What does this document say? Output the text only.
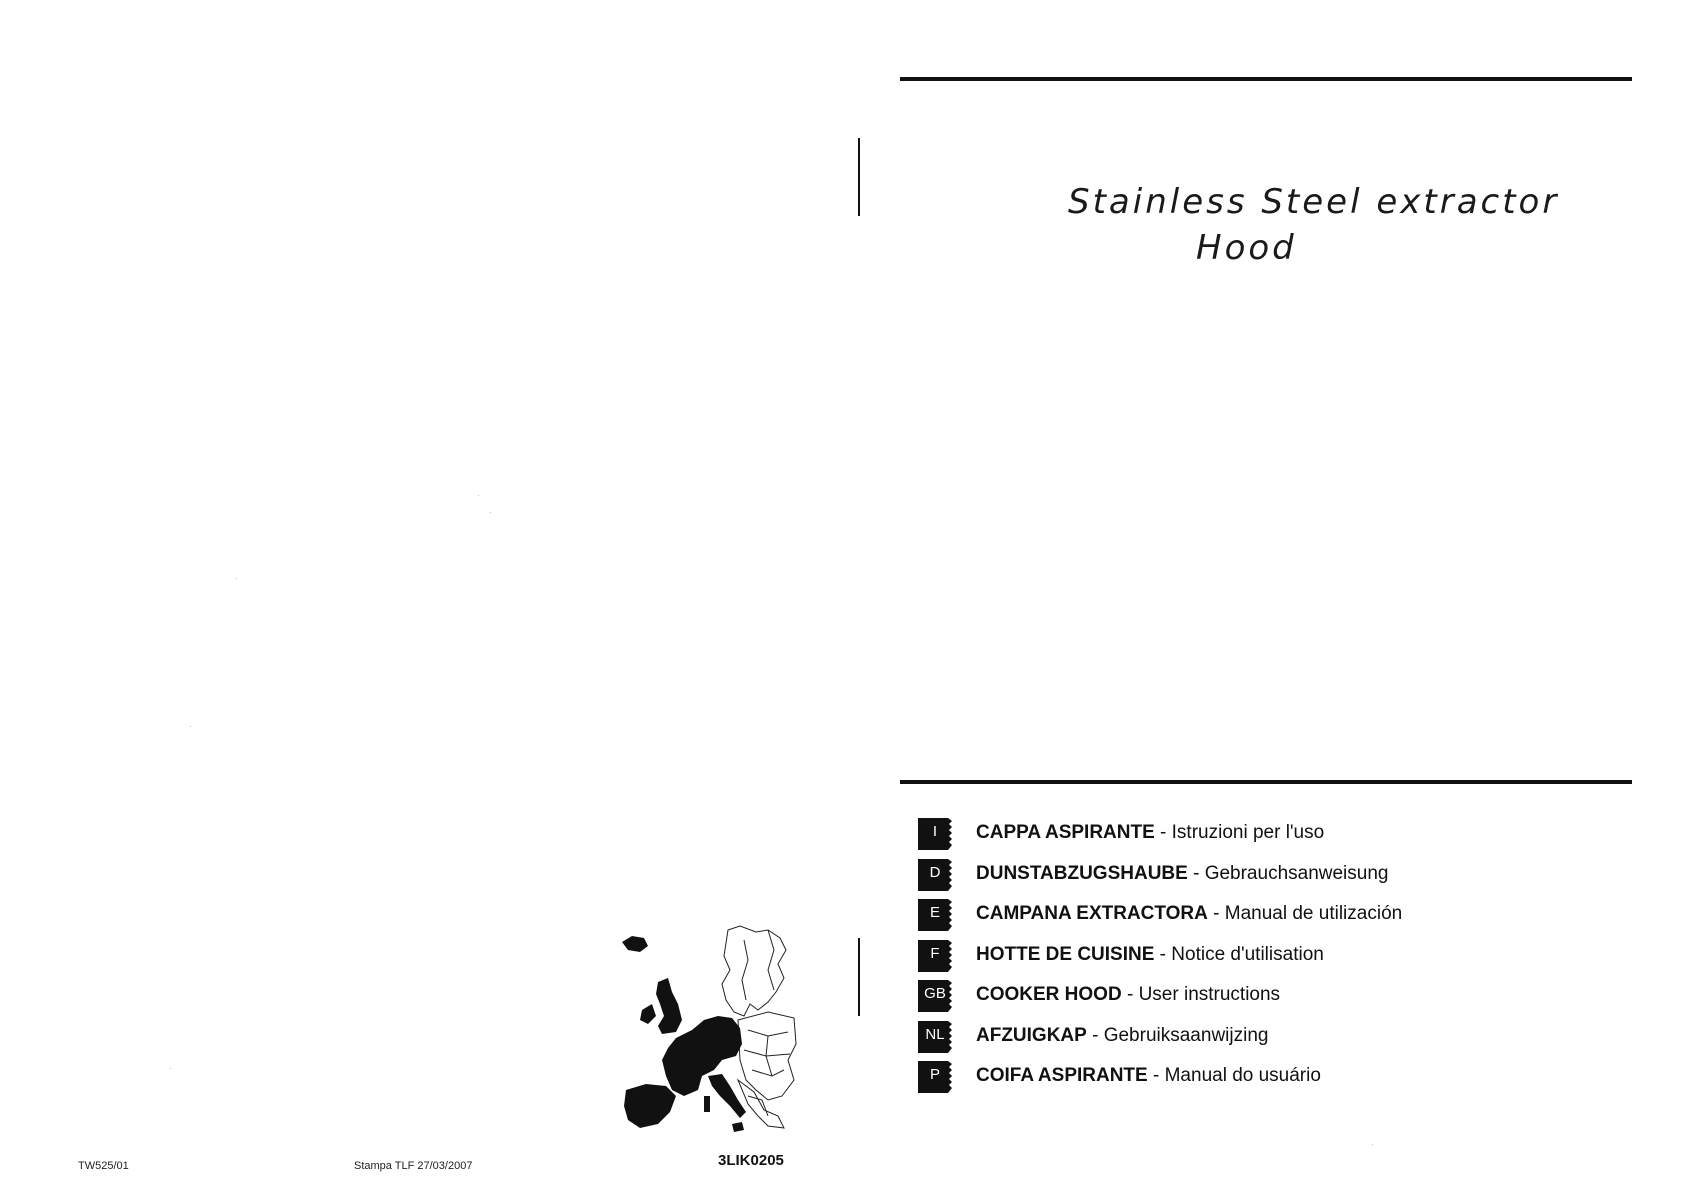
Stainless Steel extractor
Hood
I	CAPPA ASPIRANTE - Istruzioni per l'uso
D	DUNSTABZUGSHAUBE - Gebrauchsanweisung
E	CAMPANA EXTRACTORA - Manual de utilización
F	HOTTE DE CUISINE - Notice d'utilisation
GB	COOKER HOOD - User instructions
NL	AFZUIGKAP - Gebruiksaanwijzing
P	COIFA ASPIRANTE - Manual do usuário
TW525/01	Stampa TLF 27/03/2007	3LIK0205
